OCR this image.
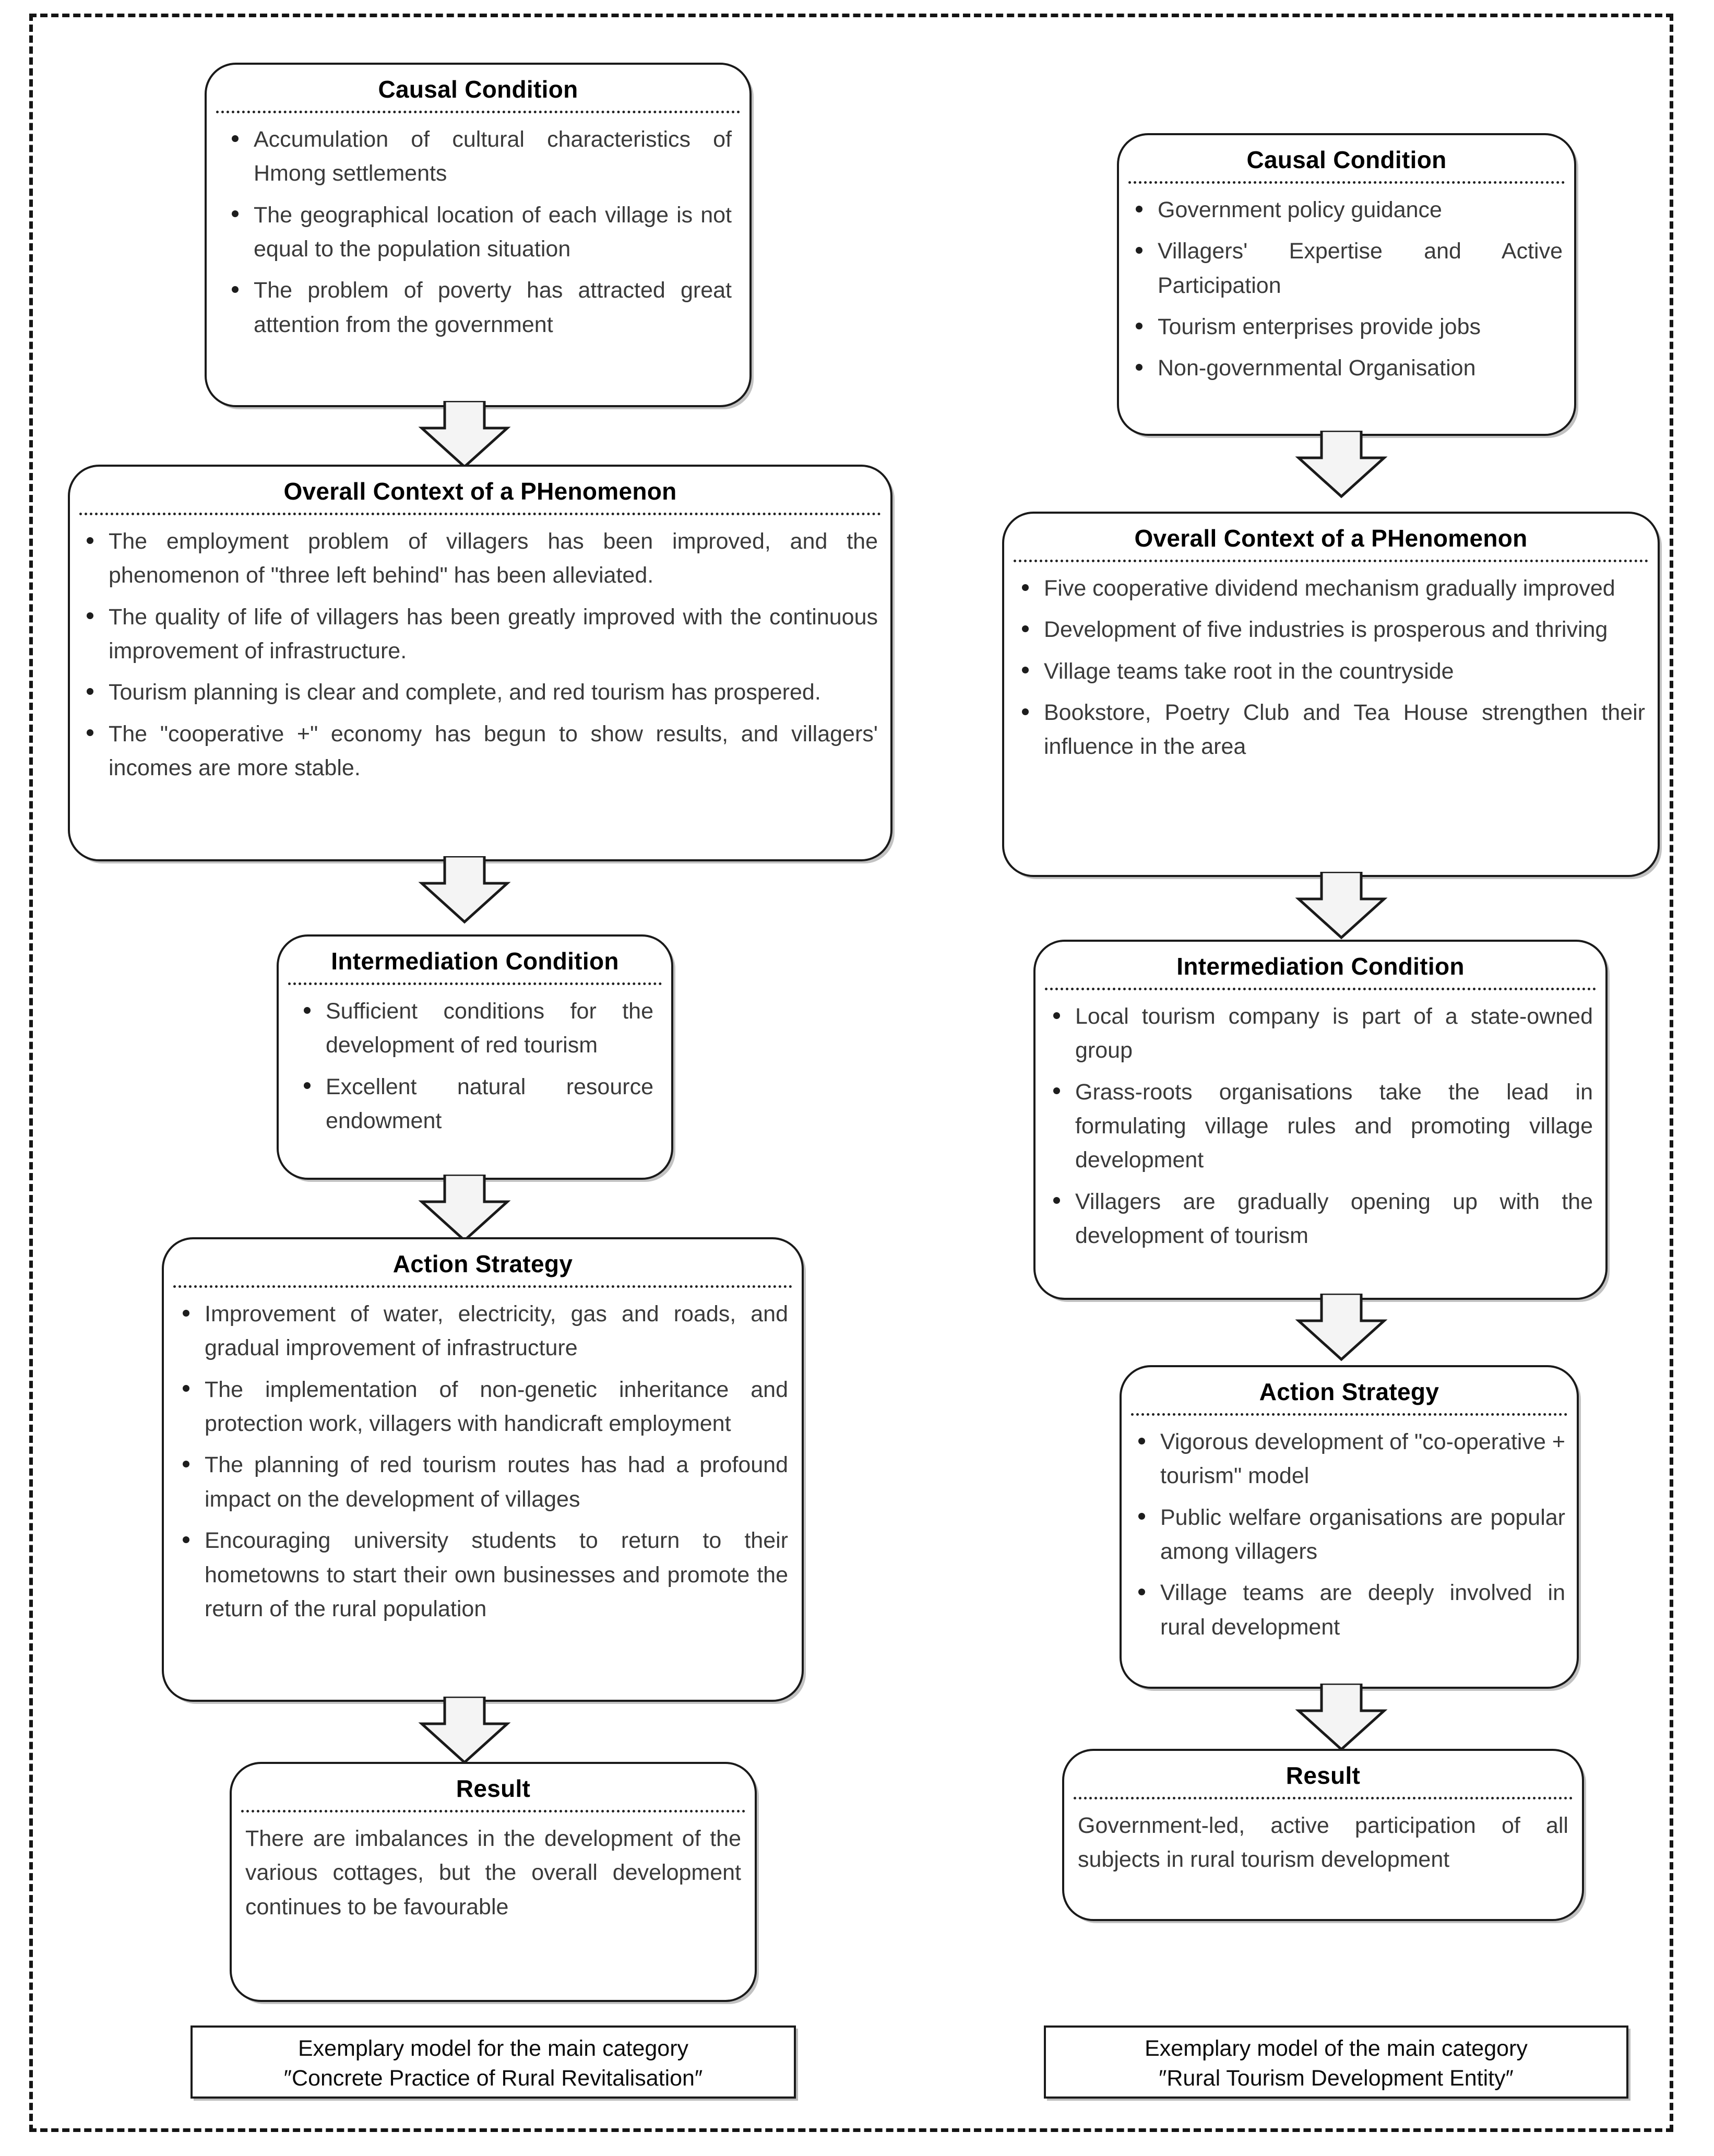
Causal Condition
Accumulation of cultural characteristics of Hmong settlements
The geographical location of each village is not equal to the population situation
The problem of poverty has attracted great attention from the government
Overall Context of a PHenomenon
The employment problem of villagers has been improved, and the phenomenon of "three left behind" has been alleviated.
The quality of life of villagers has been greatly improved with the continuous improvement of infrastructure.
Tourism planning is clear and complete, and red tourism has prospered.
The "cooperative +" economy has begun to show results, and villagers' incomes are more stable.
Intermediation Condition
Sufficient conditions for the development of red tourism
Excellent natural resource endowment
Action Strategy
Improvement of water, electricity, gas and roads, and gradual improvement of infrastructure
The implementation of non-genetic inheritance and protection work, villagers with handicraft employment
The planning of red tourism routes has had a profound impact on the development of villages
Encouraging university students to return to their hometowns to start their own businesses and promote the return of the rural population
Result
There are imbalances in the development of the various cottages, but the overall development continues to be favourable
Exemplary model for the main category
″Concrete Practice of Rural Revitalisation″
Causal Condition
Government policy guidance
Villagers' Expertise and Active Participation
Tourism enterprises provide jobs
Non-governmental Organisation
Overall Context of a PHenomenon
Five cooperative dividend mechanism gradually improved
Development of five industries is prosperous and thriving
Village teams take root in the countryside
Bookstore, Poetry Club and Tea House strengthen their influence in the area
Intermediation Condition
Local tourism company is part of a state-owned group
Grass-roots organisations take the lead in formulating village rules and promoting village development
Villagers are gradually opening up with the development of tourism
Action Strategy
Vigorous development of "co-operative + tourism" model
Public welfare organisations are popular among villagers
Village teams are deeply involved in rural development
Result
Government-led, active participation of all subjects in rural tourism development
Exemplary model of the main category
″Rural Tourism Development Entity″
